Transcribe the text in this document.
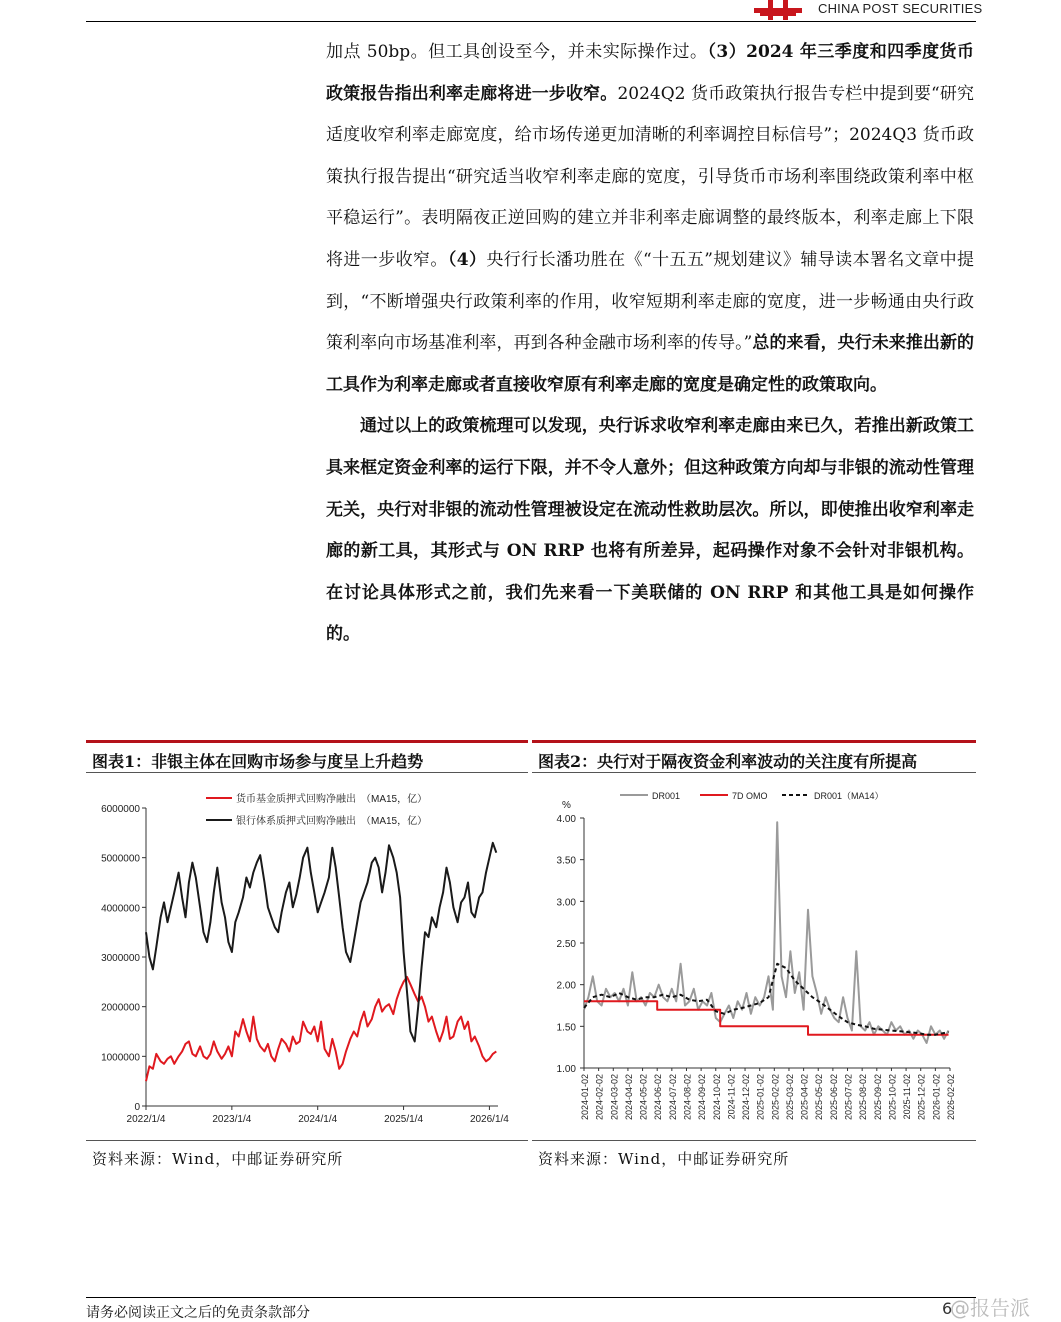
CHINA POST SECURITIES

加点 50bp。但工具创设至今，并未实际操作过。（3）2024 年三季度和四季度货币政策报告指出利率走廊将进一步收窄。2024Q2 货币政策执行报告专栏中提到要“研究适度收窄利率走廊宽度，给市场传递更加清晰的利率调控目标信号”；2024Q3 货币政策执行报告提出“研究适当收窄利率走廊的宽度，引导货币市场利率围绕政策利率中枢平稳运行”。表明隔夜正逆回购的建立并非利率走廊调整的最终版本，利率走廊上下限将进一步收窄。（4）央行行长潘功胜在《“十五五”规划建议》辅导读本署名文章中提到，“不断增强央行政策利率的作用，收窄短期利率走廊的宽度，进一步畅通由央行政策利率向市场基准利率，再到各种金融市场利率的传导。”总的来看，央行未来推出新的工具作为利率走廊或者直接收窄原有利率走廊的宽度是确定性的政策取向。

通过以上的政策梳理可以发现，央行诉求收窄利率走廊由来已久，若推出新政策工具来框定资金利率的运行下限，并不令人意外；但这种政策方向却与非银的流动性管理无关，央行对非银的流动性管理被设定在流动性救助层次。所以，即使推出收窄利率走廊的新工具，其形式与 ON RRP 也将有所差异，起码操作对象不会针对非银机构。在讨论具体形式之前，我们先来看一下美联储的 ON RRP 和其他工具是如何操作的。

图表1：非银主体在回购市场参与度呈上升趋势
0
1000000
2000000
3000000
4000000
5000000
6000000
2022/1/4	2023/1/4	2024/1/4	2025/1/4	2026/1/4
货币基金质押式回购净融出　（MA15，亿）
银行体系质押式回购净融出　（MA15，亿）
资料来源：Wind，中邮证券研究所
图表2：央行对于隔夜资金利率波动的关注度有所提高
%
1.00
1.50
2.00
2.50
3.00
3.50
4.00
2024-01-02 2024-02-02 2024-03-02 2024-04-02 2024-05-02 2024-06-02 2024-07-02 2024-08-02 2024-09-02 2024-10-02 2024-11-02 2024-12-02 2025-01-02 2025-02-02 2025-03-02 2025-04-02 2025-05-02 2025-06-02 2025-07-02 2025-08-02 2025-09-02 2025-10-02 2025-11-02 2025-12-02 2026-01-02 2026-02-02
DR001	7D OMO	DR001（MA14）
资料来源：Wind，中邮证券研究所
请务必阅读正文之后的免责条款部分	6
@报告派
